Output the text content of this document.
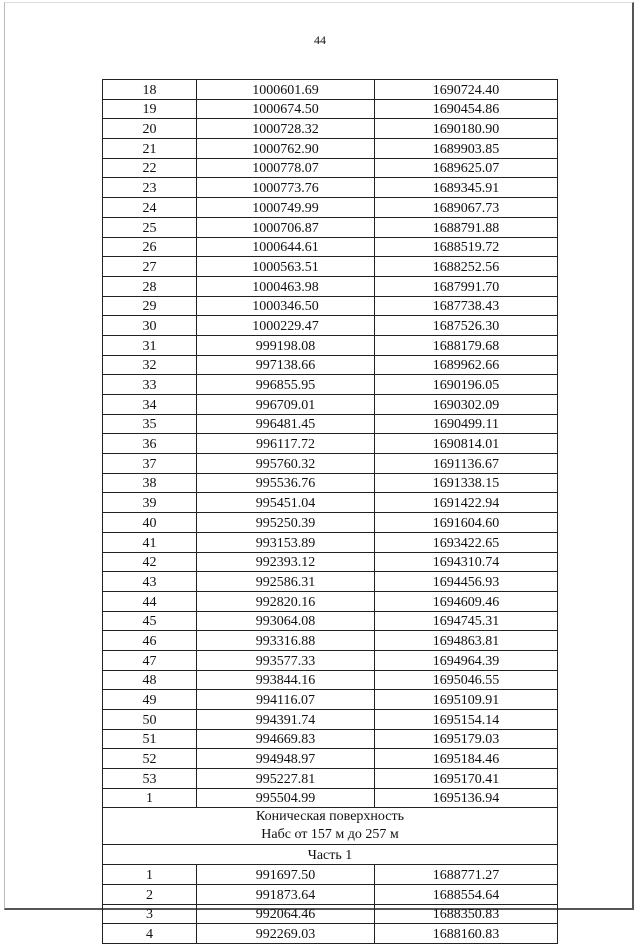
44
18	1000601.69	1690724.40
19	1000674.50	1690454.86
20	1000728.32	1690180.90
21	1000762.90	1689903.85
22	1000778.07	1689625.07
23	1000773.76	1689345.91
24	1000749.99	1689067.73
25	1000706.87	1688791.88
26	1000644.61	1688519.72
27	1000563.51	1688252.56
28	1000463.98	1687991.70
29	1000346.50	1687738.43
30	1000229.47	1687526.30
31	999198.08	1688179.68
32	997138.66	1689962.66
33	996855.95	1690196.05
34	996709.01	1690302.09
35	996481.45	1690499.11
36	996117.72	1690814.01
37	995760.32	1691136.67
38	995536.76	1691338.15
39	995451.04	1691422.94
40	995250.39	1691604.60
41	993153.89	1693422.65
42	992393.12	1694310.74
43	992586.31	1694456.93
44	992820.16	1694609.46
45	993064.08	1694745.31
46	993316.88	1694863.81
47	993577.33	1694964.39
48	993844.16	1695046.55
49	994116.07	1695109.91
50	994391.74	1695154.14
51	994669.83	1695179.03
52	994948.97	1695184.46
53	995227.81	1695170.41
1	995504.99	1695136.94

Коническая поверхность
Набс от 157 м до 257 м		

Часть 1		
1	991697.50	1688771.27
2	991873.64	1688554.64
3	992064.46	1688350.83
4	992269.03	1688160.83
